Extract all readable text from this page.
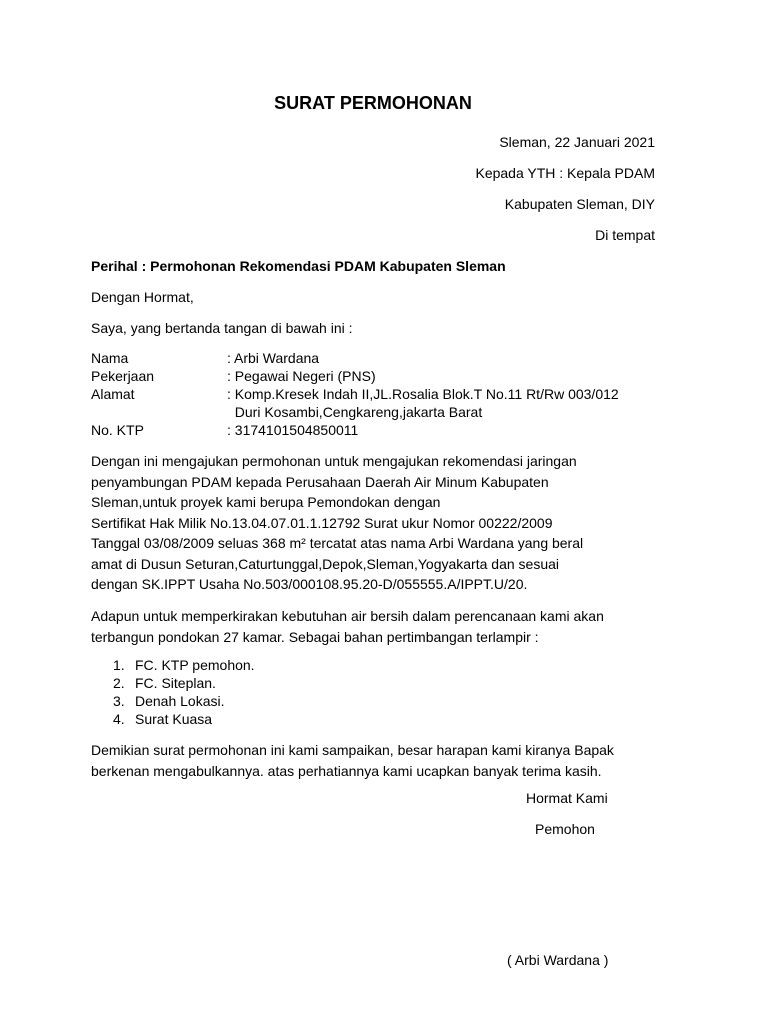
SURAT PERMOHONAN
Sleman, 22 Januari 2021
Kepada YTH : Kepala PDAM
Kabupaten Sleman, DIY
Di tempat
Perihal : Permohonan Rekomendasi PDAM Kabupaten Sleman
Dengan Hormat,
Saya, yang bertanda tangan di bawah ini :
Nama	: Arbi Wardana
Pekerjaan	: Pegawai Negeri (PNS)
Alamat	: Komp.Kresek Indah II,JL.Rosalia Blok.T No.11 Rt/Rw 003/012
Duri Kosambi,Cengkareng,jakarta Barat
No. KTP	: 3174101504850011
Dengan ini mengajukan permohonan untuk mengajukan rekomendasi jaringan
penyambungan PDAM kepada Perusahaan Daerah Air Minum Kabupaten
Sleman,untuk proyek kami berupa Pemondokan dengan
Sertifikat Hak Milik No.13.04.07.01.1.12792 Surat ukur Nomor 00222/2009
Tanggal 03/08/2009 seluas 368 m² tercatat atas nama Arbi Wardana yang beral
amat di Dusun Seturan,Caturtunggal,Depok,Sleman,Yogyakarta dan sesuai
dengan SK.IPPT Usaha No.503/000108.95.20-D/055555.A/IPPT.U/20.
Adapun untuk memperkirakan kebutuhan air bersih dalam perencanaan kami akan
terbangun pondokan 27 kamar. Sebagai bahan pertimbangan terlampir :
1. FC. KTP pemohon.
2. FC. Siteplan.
3. Denah Lokasi.
4. Surat Kuasa
Demikian surat permohonan ini kami sampaikan, besar harapan kami kiranya Bapak
berkenan mengabulkannya. atas perhatiannya kami ucapkan banyak terima kasih.
Hormat Kami
Pemohon
( Arbi Wardana )
